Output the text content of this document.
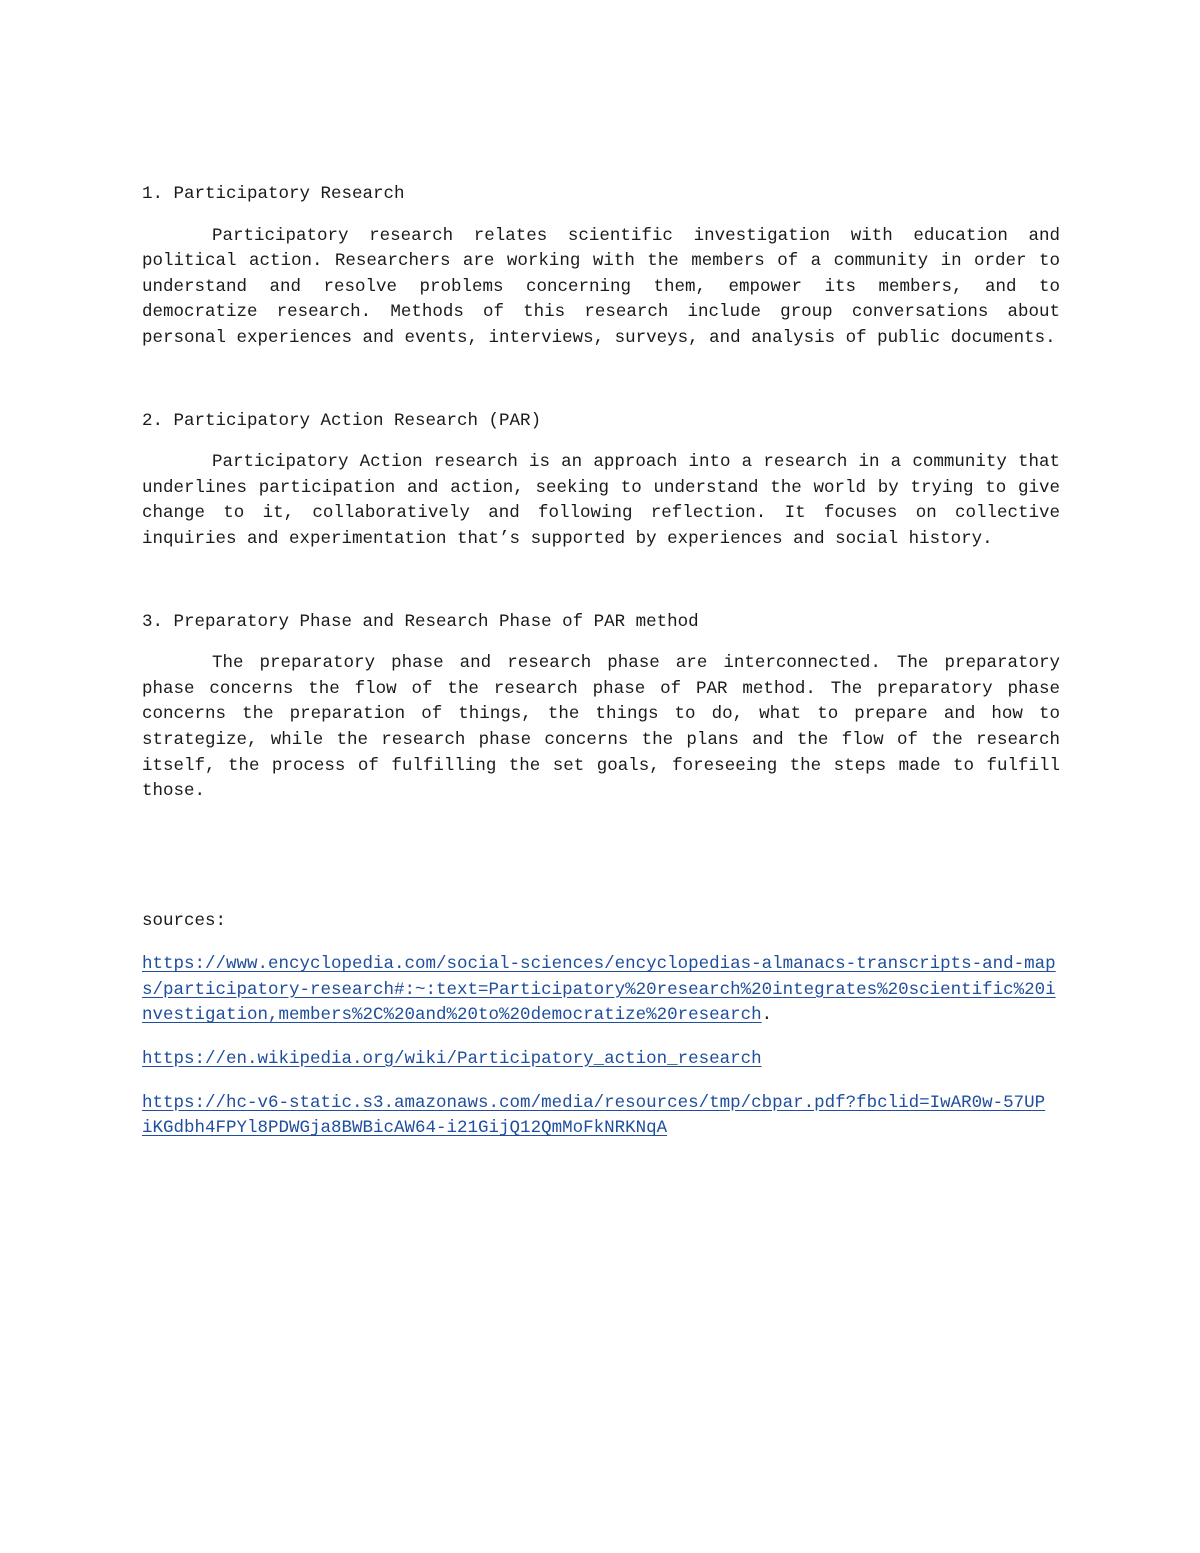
1. Participatory Research

Participatory research relates scientific investigation with education and political action. Researchers are working with the members of a community in order to understand and resolve problems concerning them, empower its members, and to democratize research. Methods of this research include group conversations about personal experiences and events, interviews, surveys, and analysis of public documents.

2. Participatory Action Research (PAR)

Participatory Action research is an approach into a research in a community that underlines participation and action, seeking to understand the world by trying to give change to it, collaboratively and following reflection. It focuses on collective inquiries and experimentation that’s supported by experiences and social history.

3. Preparatory Phase and Research Phase of PAR method

The preparatory phase and research phase are interconnected. The preparatory phase concerns the flow of the research phase of PAR method. The preparatory phase concerns the preparation of things, the things to do, what to prepare and how to strategize, while the research phase concerns the plans and the flow of the research itself, the process of fulfilling the set goals, foreseeing the steps made to fulfill those.

sources:

https://www.encyclopedia.com/social-sciences/encyclopedias-almanacs-transcripts-and-maps/participatory-research#:~:text=Participatory%20research%20integrates%20scientific%20investigation,members%2C%20and%20to%20democratize%20research.
https://en.wikipedia.org/wiki/Participatory_action_research
https://hc-v6-static.s3.amazonaws.com/media/resources/tmp/cbpar.pdf?fbclid=IwAR0w-57UPiKGdbh4FPYl8PDWGja8BWBicAW64-i21GijQ12QmMoFkNRKNqA
